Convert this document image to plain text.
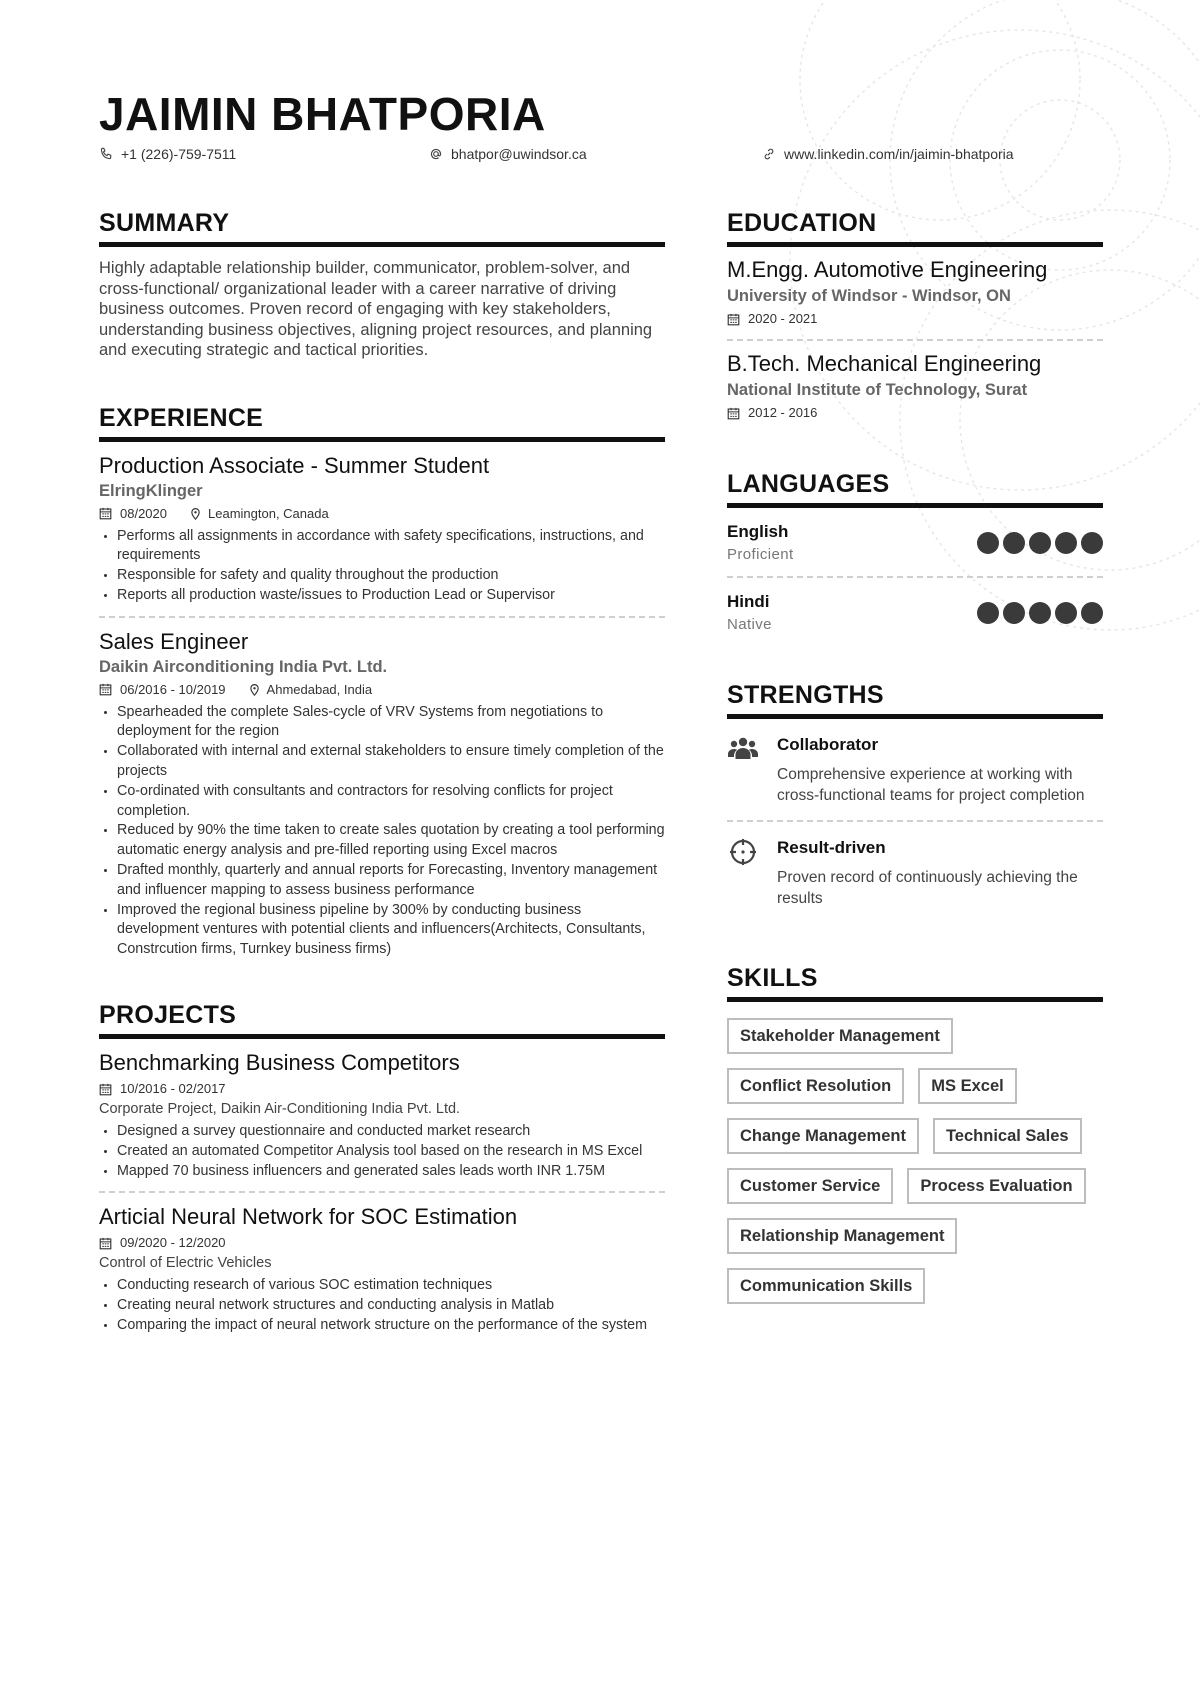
JAIMIN BHATPORIA
+1 (226)-759-7511	bhatpor@uwindsor.ca	www.linkedin.com/in/jaimin-bhatporia
SUMMARY

Highly adaptable relationship builder, communicator, problem-solver, and cross-functional/ organizational leader with a career narrative of driving business outcomes. Proven record of engaging with key stakeholders, understanding business objectives, aligning project resources, and planning and executing strategic and tactical priorities.

EXPERIENCE
Production Associate - Summer Student
ElringKlinger
08/2020	Leamington, Canada
• Performs all assignments in accordance with safety specifications, instructions, and requirements
• Responsible for safety and quality throughout the production
• Reports all production waste/issues to Production Lead or Supervisor
Sales Engineer
Daikin Airconditioning India Pvt. Ltd.
06/2016 - 10/2019	Ahmedabad, India
• Spearheaded the complete Sales-cycle of VRV Systems from negotiations to deployment for the region
• Collaborated with internal and external stakeholders to ensure timely completion of the projects
• Co-ordinated with consultants and contractors for resolving conflicts for project completion.
• Reduced by 90% the time taken to create sales quotation by creating a tool performing automatic energy analysis and pre-filled reporting using Excel macros
• Drafted monthly, quarterly and annual reports for Forecasting, Inventory management and influencer mapping to assess business performance
• Improved the regional business pipeline by 300% by conducting business development ventures with potential clients and influencers(Architects, Consultants, Constrcution firms, Turnkey business firms)
PROJECTS
Benchmarking Business Competitors
10/2016 - 02/2017
Corporate Project, Daikin Air-Conditioning India Pvt. Ltd.
• Designed a survey questionnaire and conducted market research
• Created an automated Competitor Analysis tool based on the research in MS Excel
• Mapped 70 business influencers and generated sales leads worth INR 1.75M
Articial Neural Network for SOC Estimation
09/2020 - 12/2020
Control of Electric Vehicles
• Conducting research of various SOC estimation techniques
• Creating neural network structures and conducting analysis in Matlab
• Comparing the impact of neural network structure on the performance of the system
EDUCATION
M.Engg. Automotive Engineering
University of Windsor - Windsor, ON
2020 - 2021
B.Tech. Mechanical Engineering
National Institute of Technology, Surat
2012 - 2016
LANGUAGES
English
Proficient
Hindi
Native
STRENGTHS
Collaborator
Comprehensive experience at working with cross-functional teams for project completion
Result-driven
Proven record of continuously achieving the results
SKILLS
Stakeholder Management
Conflict Resolution	MS Excel
Change Management	Technical Sales
Customer Service	Process Evaluation
Relationship Management
Communication Skills
